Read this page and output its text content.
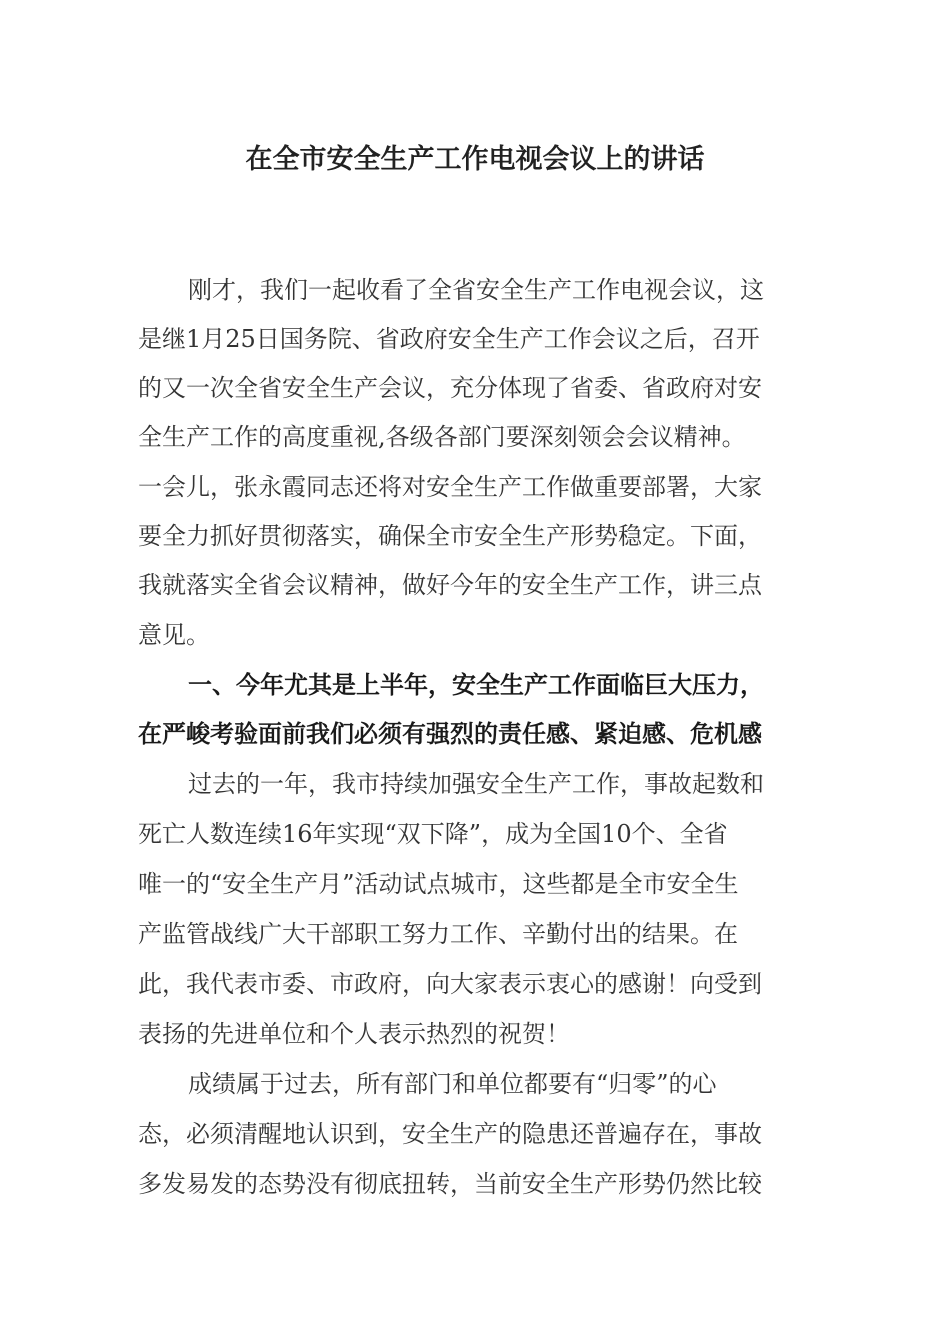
在全市安全生产工作电视会议上的讲话

刚才，我们一起收看了全省安全生产工作电视会议，这

是继1月25日国务院、省政府安全生产工作会议之后，召开

的又一次全省安全生产会议，充分体现了省委、省政府对安

全生产工作的高度重视,各级各部门要深刻领会会议精神。

一会儿，张永霞同志还将对安全生产工作做重要部署，大家

要全力抓好贯彻落实，确保全市安全生产形势稳定。下面，

我就落实全省会议精神，做好今年的安全生产工作，讲三点

意见。

一、今年尤其是上半年，安全生产工作面临巨大压力，

在严峻考验面前我们必须有强烈的责任感、紧迫感、危机感

过去的一年，我市持续加强安全生产工作，事故起数和

死亡人数连续16年实现“双下降”，成为全国10个、全省

唯一的“安全生产月”活动试点城市，这些都是全市安全生

产监管战线广大干部职工努力工作、辛勤付出的结果。在

此，我代表市委、市政府，向大家表示衷心的感谢！向受到

表扬的先进单位和个人表示热烈的祝贺！

成绩属于过去，所有部门和单位都要有“归零”的心

态，必须清醒地认识到，安全生产的隐患还普遍存在，事故

多发易发的态势没有彻底扭转，当前安全生产形势仍然比较
